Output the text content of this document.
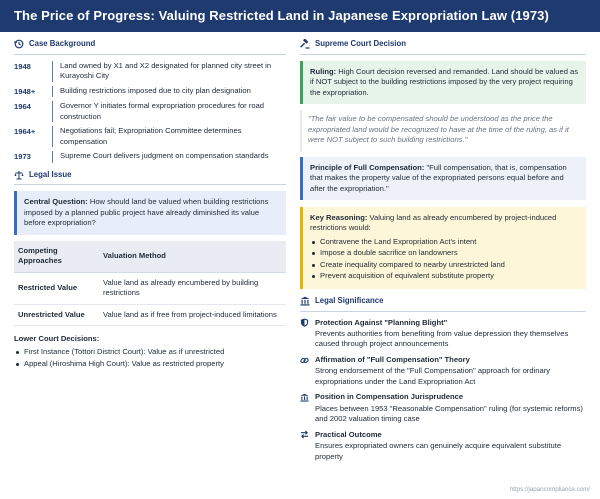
The Price of Progress: Valuing Restricted Land in Japanese Expropriation Law (1973)
Case Background
1948	Land owned by X1 and X2 designated for planned city street in Kurayoshi City
1948+	Building restrictions imposed due to city plan designation
1964	Governor Y initiates formal expropriation procedures for road construction
1964+	Negotiations fail; Expropriation Committee determines compensation
1973	Supreme Court delivers judgment on compensation standards
Legal Issue
Central Question: How should land be valued when building restrictions imposed by a planned public project have already diminished its value before expropriation?
Competing Approaches	Valuation Method
Restricted Value	Value land as already encumbered by building restrictions
Unrestricted Value	Value land as if free from project-induced limitations
Lower Court Decisions:
First Instance (Tottori District Court): Value as if unrestricted
Appeal (Hiroshima High Court): Value as restricted property
Supreme Court Decision
Ruling: High Court decision reversed and remanded. Land should be valued as if NOT subject to the building restrictions imposed by the very project requiring the expropriation.
"The fair value to be compensated should be understood as the price the expropriated land would be recognized to have at the time of the ruling, as if it were NOT subject to such building restrictions."
Principle of Full Compensation: "Full compensation, that is, compensation that makes the property value of the expropriated persons equal before and after the expropriation."
Key Reasoning: Valuing land as already encumbered by project-induced restrictions would:
Contravene the Land Expropriation Act's intent
Impose a double sacrifice on landowners
Create inequality compared to nearby unrestricted land
Prevent acquisition of equivalent substitute property
Legal Significance
Protection Against "Planning Blight"
Prevents authorities from benefiting from value depression they themselves caused through project announcements
Affirmation of "Full Compensation" Theory
Strong endorsement of the "Full Compensation" approach for ordinary expropriations under the Land Expropriation Act
Position in Compensation Jurisprudence
Places between 1953 "Reasonable Compensation" ruling (for systemic reforms) and 2002 valuation timing case
Practical Outcome
Ensures expropriated owners can genuinely acquire equivalent substitute property
https://japancompliance.com/
